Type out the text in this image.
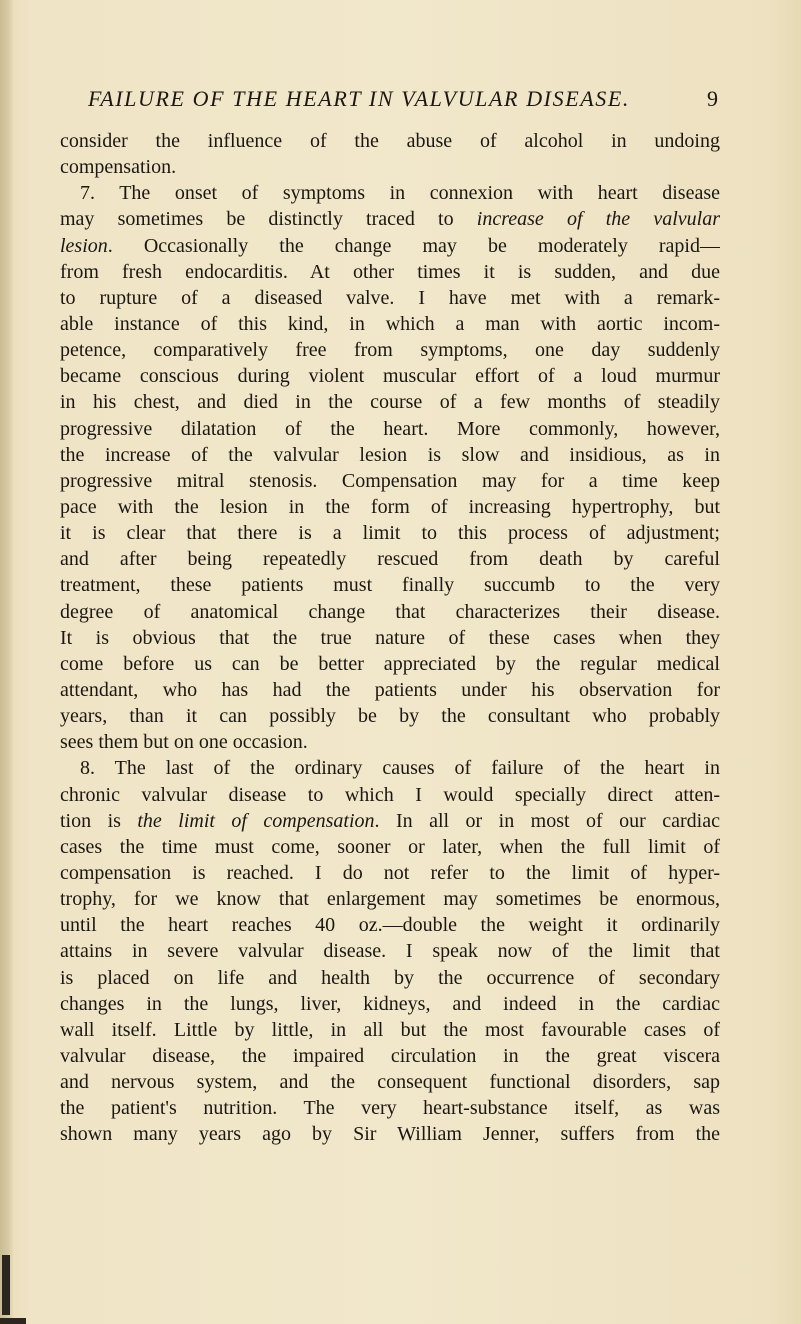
FAILURE OF THE HEART IN VALVULAR DISEASE.	9
consider the influence of the abuse of alcohol in undoing
compensation.
7. The onset of symptoms in connexion with heart disease
may sometimes be distinctly traced to increase of the valvular
lesion. Occasionally the change may be moderately rapid—
from fresh endocarditis. At other times it is sudden, and due
to rupture of a diseased valve. I have met with a remark-
able instance of this kind, in which a man with aortic incom-
petence, comparatively free from symptoms, one day suddenly
became conscious during violent muscular effort of a loud murmur
in his chest, and died in the course of a few months of steadily
progressive dilatation of the heart. More commonly, however,
the increase of the valvular lesion is slow and insidious, as in
progressive mitral stenosis. Compensation may for a time keep
pace with the lesion in the form of increasing hypertrophy, but
it is clear that there is a limit to this process of adjustment;
and after being repeatedly rescued from death by careful
treatment, these patients must finally succumb to the very
degree of anatomical change that characterizes their disease.
It is obvious that the true nature of these cases when they
come before us can be better appreciated by the regular medical
attendant, who has had the patients under his observation for
years, than it can possibly be by the consultant who probably
sees them but on one occasion.
8. The last of the ordinary causes of failure of the heart in
chronic valvular disease to which I would specially direct atten-
tion is the limit of compensation. In all or in most of our cardiac
cases the time must come, sooner or later, when the full limit of
compensation is reached. I do not refer to the limit of hyper-
trophy, for we know that enlargement may sometimes be enormous,
until the heart reaches 40 oz.—double the weight it ordinarily
attains in severe valvular disease. I speak now of the limit that
is placed on life and health by the occurrence of secondary
changes in the lungs, liver, kidneys, and indeed in the cardiac
wall itself. Little by little, in all but the most favourable cases of
valvular disease, the impaired circulation in the great viscera
and nervous system, and the consequent functional disorders, sap
the patient's nutrition. The very heart-substance itself, as was
shown many years ago by Sir William Jenner, suffers from the
